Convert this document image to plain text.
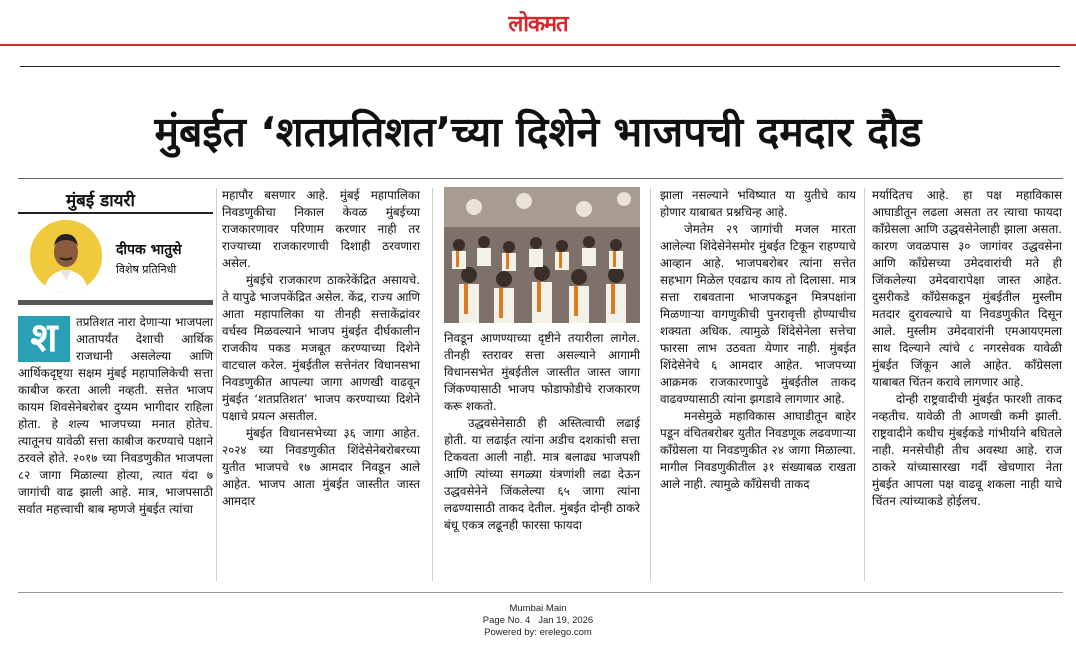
लोकमत
मुंबईत ‘शतप्रतिशत’च्या दिशेने भाजपची दमदार दौड
मुंबई डायरी
दीपक भातुसे
विशेष प्रतिनिधी
श	तप्रतिशत नारा देणाऱ्या भाजपला आतापर्यंत देशाची आर्थिक राजधानी असलेल्या आणि आर्थिकदृष्ट्या सक्षम मुंबई महापालिकेची सत्ता काबीज करता आली नव्हती. सत्तेत भाजप कायम शिवसेनेबरोबर दुय्यम भागीदार राहिला होता. हे शल्य भाजपच्या मनात होतेच. त्यातूनच यावेळी सत्ता काबीज करण्याचे पक्षाने ठरवले होते. २०१७ च्या निवडणुकीत भाजपला ८२ जागा मिळाल्या होत्या, त्यात यंदा ७ जागांची वाढ झाली आहे. मात्र, भाजपसाठी सर्वात महत्त्वाची बाब म्हणजे मुंबईत त्यांचा

महापौर बसणार आहे. मुंबई महापालिका निवडणुकीचा निकाल केवळ मुंबईच्या राजकारणावर परिणाम करणार नाही तर राज्याच्या राजकारणाची दिशाही ठरवणारा असेल.

मुंबईचे राजकारण ठाकरेकेंद्रित असायचे. ते यापुढे भाजपकेंद्रित असेल. केंद्र, राज्य आणि आता महापालिका या तीनही सत्ताकेंद्रांवर वर्चस्व मिळवल्याने भाजप मुंबईत दीर्घकालीन राजकीय पकड मजबूत करण्याच्या दिशेने वाटचाल करेल. मुंबईतील सत्तेनंतर विधानसभा निवडणुकीत आपल्या जागा आणखी वाढवून मुंबईत ‘शतप्रतिशत’ भाजप करण्याच्या दिशेने पक्षाचे प्रयत्न असतील.

मुंबईत विधानसभेच्या ३६ जागा आहेत. २०२४ च्या निवडणुकीत शिंदेसेनेबरोबरच्या युतीत भाजपचे १७ आमदार निवडून आले आहेत. भाजप आता मुंबईत जास्तीत जास्त आमदार

निवडून आणण्याच्या दृष्टीने तयारीला लागेल. तीनही स्तरावर सत्ता असल्याने आगामी विधानसभेत मुंबईतील जास्तीत जास्त जागा जिंकण्यासाठी भाजप फोडाफोडीचे राजकारण करू शकतो.

उद्धवसेनेसाठी ही अस्तित्वाची लढाई होती. या लढाईत त्यांना अडीच दशकांची सत्ता टिकवता आली नाही. मात्र बलाढ्य भाजपशी आणि त्यांच्या सगळ्या यंत्रणांशी लढा देऊन उद्धवसेनेने जिंकलेल्या ६५ जागा त्यांना लढण्यासाठी ताकद देतील. मुंबईत दोन्ही ठाकरे बंधू एकत्र लढूनही फारसा फायदा

झाला नसल्याने भविष्यात या युतीचे काय होणार याबाबत प्रश्नचिन्ह आहे.

जेमतेम २९ जागांची मजल मारता आलेल्या शिंदेसेनेसमोर मुंबईत टिकून राहण्याचे आव्हान आहे. भाजपबरोबर त्यांना सत्तेत सहभाग मिळेल एवढाच काय तो दिलासा. मात्र सत्ता राबवताना भाजपकडून मित्रपक्षांना मिळणाऱ्या वागणुकीची पुनरावृत्ती होण्याचीच शक्यता अधिक. त्यामुळे शिंदेसेनेला सत्तेचा फारसा लाभ उठवता येणार नाही. मुंबईत शिंदेसेनेचे ६ आमदार आहेत. भाजपच्या आक्रमक राजकारणापुढे मुंबईतील ताकद वाढवण्यासाठी त्यांना झगडावे लागणार आहे.

मनसेमुळे महाविकास आघाडीतून बाहेर पडून वंचितबरोबर युतीत निवडणूक लढवणाऱ्या काँग्रेसला या निवडणुकीत २४ जागा मिळाल्या. मागील निवडणुकीतील ३१ संख्याबळ राखता आले नाही. त्यामुळे काँग्रेसची ताकद

मर्यादितच आहे. हा पक्ष महाविकास आघाडीतून लढला असता तर त्याचा फायदा काँग्रेसला आणि उद्धवसेनेलाही झाला असता. कारण जवळपास ३० जागांवर उद्धवसेना आणि काँग्रेसच्या उमेदवारांची मते ही जिंकलेल्या उमेदवारापेक्षा जास्त आहेत. दुसरीकडे काँग्रेसकडून मुंबईतील मुस्लीम मतदार दुरावल्याचे या निवडणुकीत दिसून आले. मुस्लीम उमेदवारांनी एमआयएमला साथ दिल्याने त्यांचे ८ नगरसेवक यावेळी मुंबईत जिंकून आले आहेत. काँग्रेसला याबाबत चिंतन करावे लागणार आहे.

दोन्ही राष्ट्रवादीची मुंबईत फारशी ताकद नव्हतीच. यावेळी ती आणखी कमी झाली. राष्ट्रवादीने कधीच मुंबईकडे गांभीर्याने बघितले नाही. मनसेचीही तीच अवस्था आहे. राज ठाकरे यांच्यासारखा गर्दी खेचणारा नेता मुंबईत आपला पक्ष वाढवू शकला नाही याचे चिंतन त्यांच्याकडे होईलच.

Mumbai Main
Page No. 4 Jan 19, 2026
Powered by: erelego.com
